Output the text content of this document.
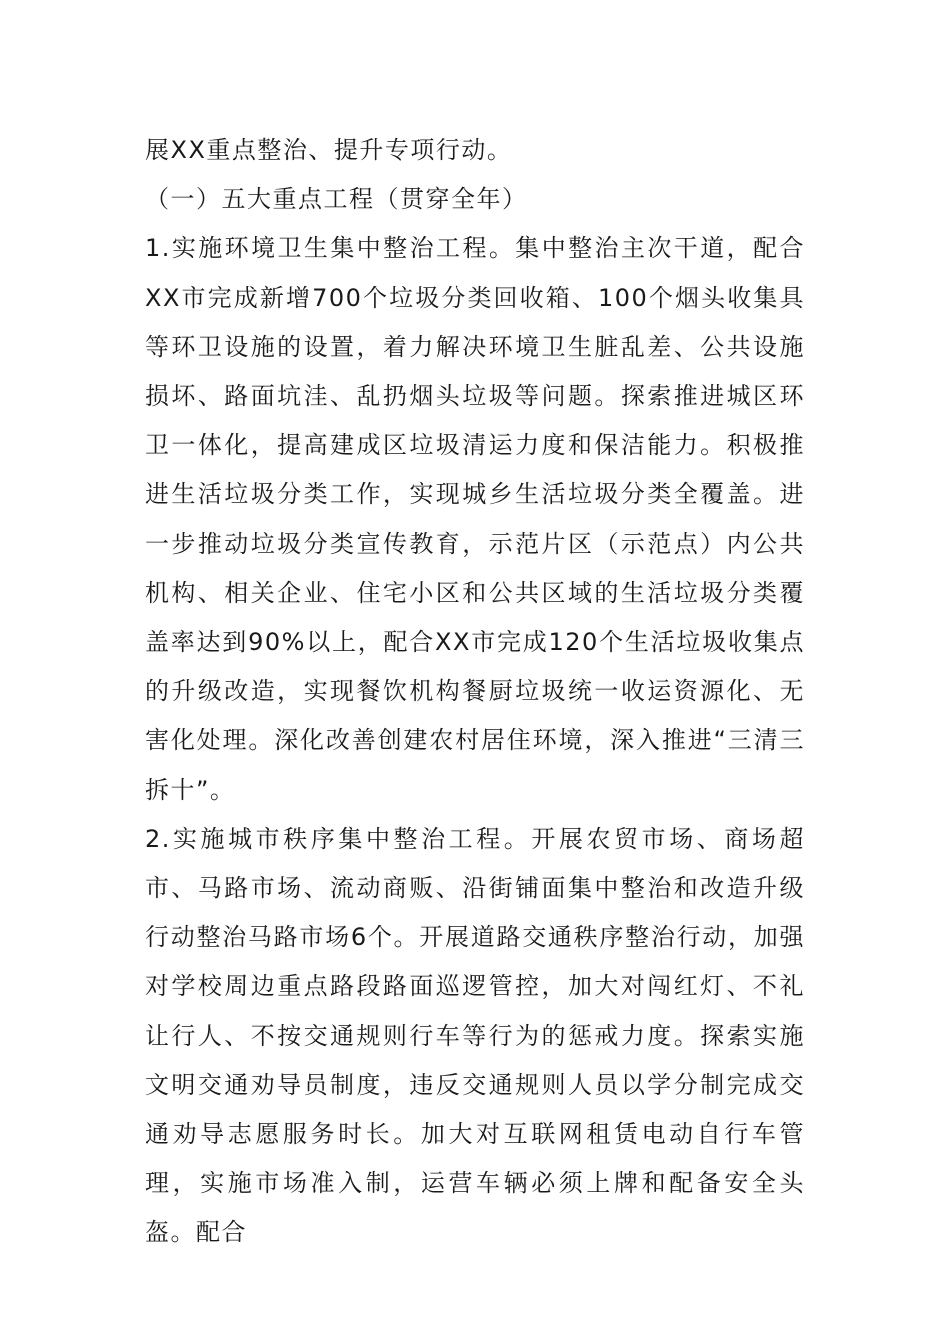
展XX重点整治、提升专项行动。

（一）五大重点工程（贯穿全年）

1.实施环境卫生集中整治工程。集中整治主次干道，配合XX市完成新增700个垃圾分类回收箱、100个烟头收集具等环卫设施的设置，着力解决环境卫生脏乱差、公共设施损坏、路面坑洼、乱扔烟头垃圾等问题。探索推进城区环卫一体化，提高建成区垃圾清运力度和保洁能力。积极推进生活垃圾分类工作，实现城乡生活垃圾分类全覆盖。进一步推动垃圾分类宣传教育，示范片区（示范点）内公共机构、相关企业、住宅小区和公共区域的生活垃圾分类覆盖率达到90%以上，配合XX市完成120个生活垃圾收集点的升级改造，实现餐饮机构餐厨垃圾统一收运资源化、无害化处理。深化改善创建农村居住环境，深入推进“三清三拆十”。

2.实施城市秩序集中整治工程。开展农贸市场、商场超市、马路市场、流动商贩、沿街铺面集中整治和改造升级行动整治马路市场6个。开展道路交通秩序整治行动，加强对学校周边重点路段路面巡逻管控，加大对闯红灯、不礼让行人、不按交通规则行车等行为的惩戒力度。探索实施文明交通劝导员制度，违反交通规则人员以学分制完成交通劝导志愿服务时长。加大对互联网租赁电动自行车管理，实施市场准入制，运营车辆必须上牌和配备安全头盔。配合
